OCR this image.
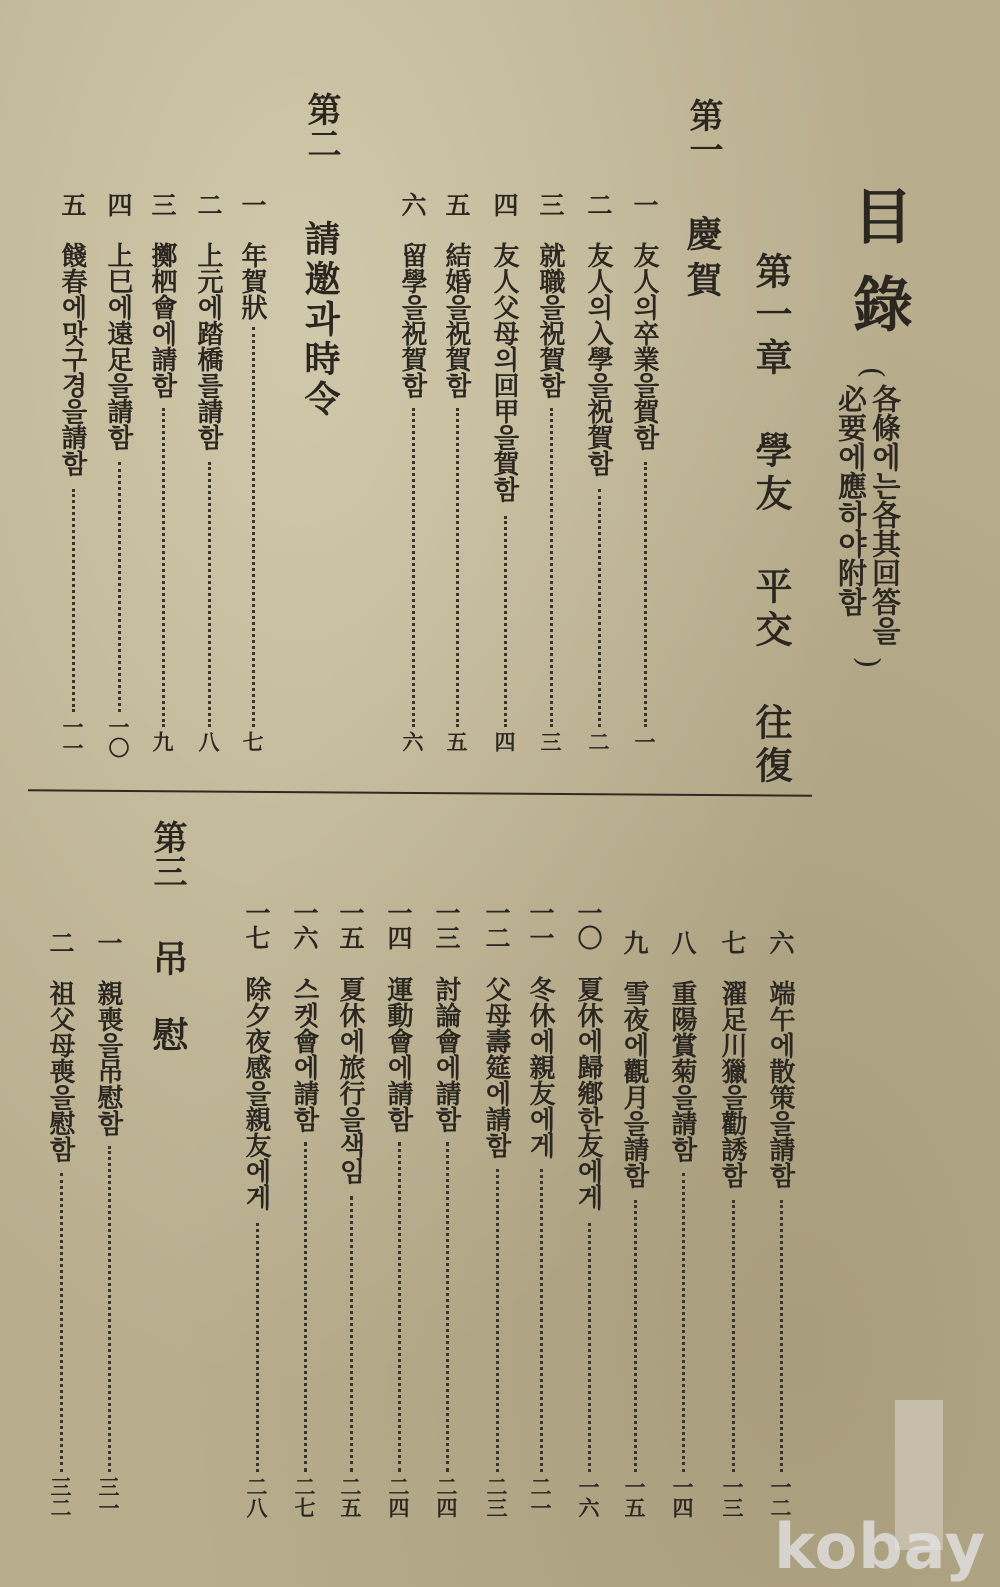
目錄
(
各條에는各其回答을
必要에應하야附함
)
第一章 學友 平交 往復
第一
慶賀
第二
請邀과時令
第三
吊慰
一
友人의卒業을賀함
一
二
友人의入學을祝賀함
二
三
就職을祝賀함
三
四
友人父母의回甲을賀함
四
五
結婚을祝賀함
五
六
留學을祝賀함
六
一
年賀狀
七
二
上元에踏橋를請함
八
三
擲柶會에請함
九
四
上巳에遠足을請함
一〇
五
餞春에맛구경을請함
一一
六
端午에散策을請함
一二
七
濯足川獵을勸誘함
一三
八
重陽賞菊을請함
一四
九
雪夜에觀月을請함
一五
一〇
夏休에歸鄕한友에게
一六
一一
冬休에親友에게
二一
一二
父母壽筵에請함
二三
一三
討論會에請함
二四
一四
運動會에請함
二四
一五
夏休에旅行을색임
二五
一六
스켓會에請함
二七
一七
除夕夜感을親友에게
二八
一
親喪을吊慰함
三一
二
祖父母喪을慰함
三二
kobay
